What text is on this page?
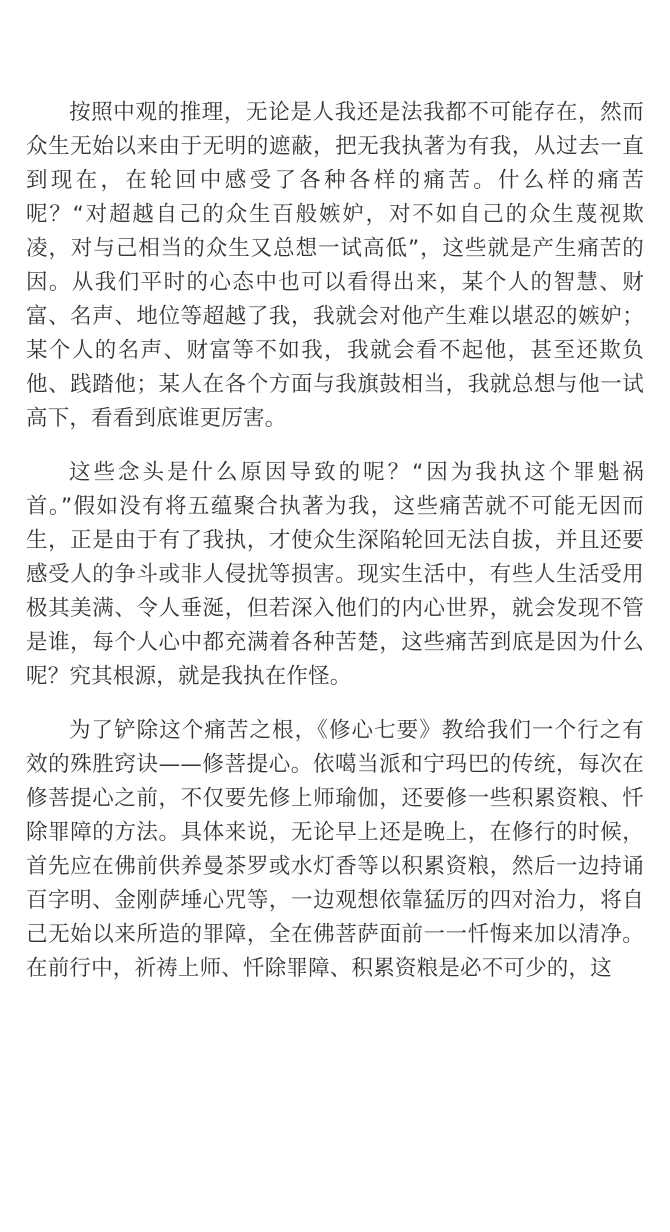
按照中观的推理，无论是人我还是法我都不可能存在，然而众生无始以来由于无明的遮蔽，把无我执著为有我，从过去一直到现在，在轮回中感受了各种各样的痛苦。什么样的痛苦呢？“对超越自己的众生百般嫉妒，对不如自己的众生蔑视欺凌，对与己相当的众生又总想一试高低”，这些就是产生痛苦的因。从我们平时的心态中也可以看得出来，某个人的智慧、财富、名声、地位等超越了我，我就会对他产生难以堪忍的嫉妒；某个人的名声、财富等不如我，我就会看不起他，甚至还欺负他、践踏他；某人在各个方面与我旗鼓相当，我就总想与他一试高下，看看到底谁更厉害。

这些念头是什么原因导致的呢？“因为我执这个罪魁祸首。”假如没有将五蕴聚合执著为我，这些痛苦就不可能无因而生，正是由于有了我执，才使众生深陷轮回无法自拔，并且还要感受人的争斗或非人侵扰等损害。现实生活中，有些人生活受用极其美满、令人垂涎，但若深入他们的内心世界，就会发现不管是谁，每个人心中都充满着各种苦楚，这些痛苦到底是因为什么呢？究其根源，就是我执在作怪。

为了铲除这个痛苦之根，《修心七要》教给我们一个行之有效的殊胜窍诀——修菩提心。依噶当派和宁玛巴的传统，每次在修菩提心之前，不仅要先修上师瑜伽，还要修一些积累资粮、忏除罪障的方法。具体来说，无论早上还是晚上，在修行的时候，首先应在佛前供养曼茶罗或水灯香等以积累资粮，然后一边持诵百字明、金刚萨埵心咒等，一边观想依靠猛厉的四对治力，将自己无始以来所造的罪障，全在佛菩萨面前一一忏悔来加以清净。在前行中，祈祷上师、忏除罪障、积累资粮是必不可少的，这
